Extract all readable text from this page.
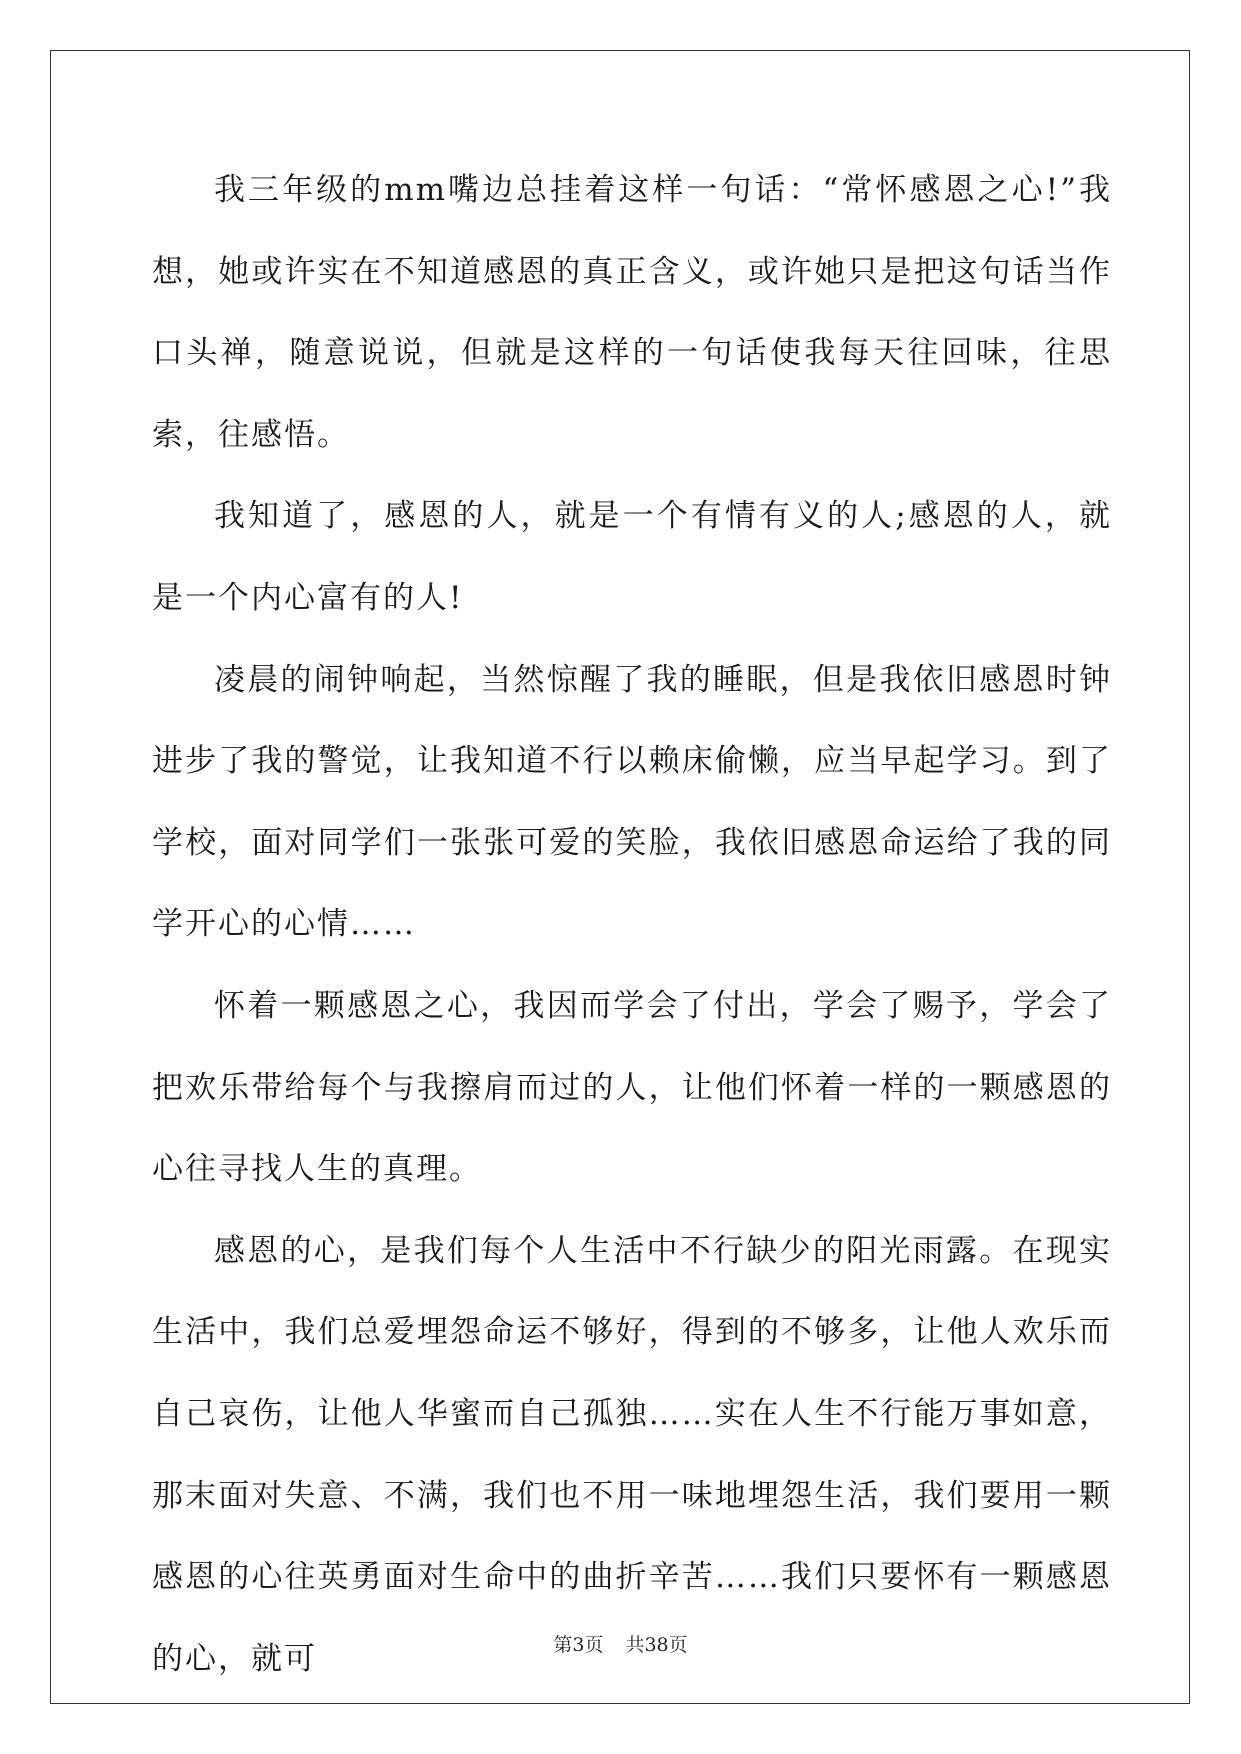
我三年级的mm嘴边总挂着这样一句话：“常怀感恩之心!”我想，她或许实在不知道感恩的真正含义，或许她只是把这句话当作口头禅，随意说说，但就是这样的一句话使我每天往回味，往思索，往感悟。

我知道了，感恩的人，就是一个有情有义的人;感恩的人，就是一个内心富有的人!

凌晨的闹钟响起，当然惊醒了我的睡眠，但是我依旧感恩时钟进步了我的警觉，让我知道不行以赖床偷懒，应当早起学习。到了学校，面对同学们一张张可爱的笑脸，我依旧感恩命运给了我的同学开心的心情……

怀着一颗感恩之心，我因而学会了付出，学会了赐予，学会了把欢乐带给每个与我擦肩而过的人，让他们怀着一样的一颗感恩的心往寻找人生的真理。

感恩的心，是我们每个人生活中不行缺少的阳光雨露。在现实生活中，我们总爱埋怨命运不够好，得到的不够多，让他人欢乐而自己哀伤，让他人华蜜而自己孤独……实在人生不行能万事如意，那末面对失意、不满，我们也不用一味地埋怨生活，我们要用一颗感恩的心往英勇面对生命中的曲折辛苦……我们只要怀有一颗感恩的心，就可	第3页 共38页
